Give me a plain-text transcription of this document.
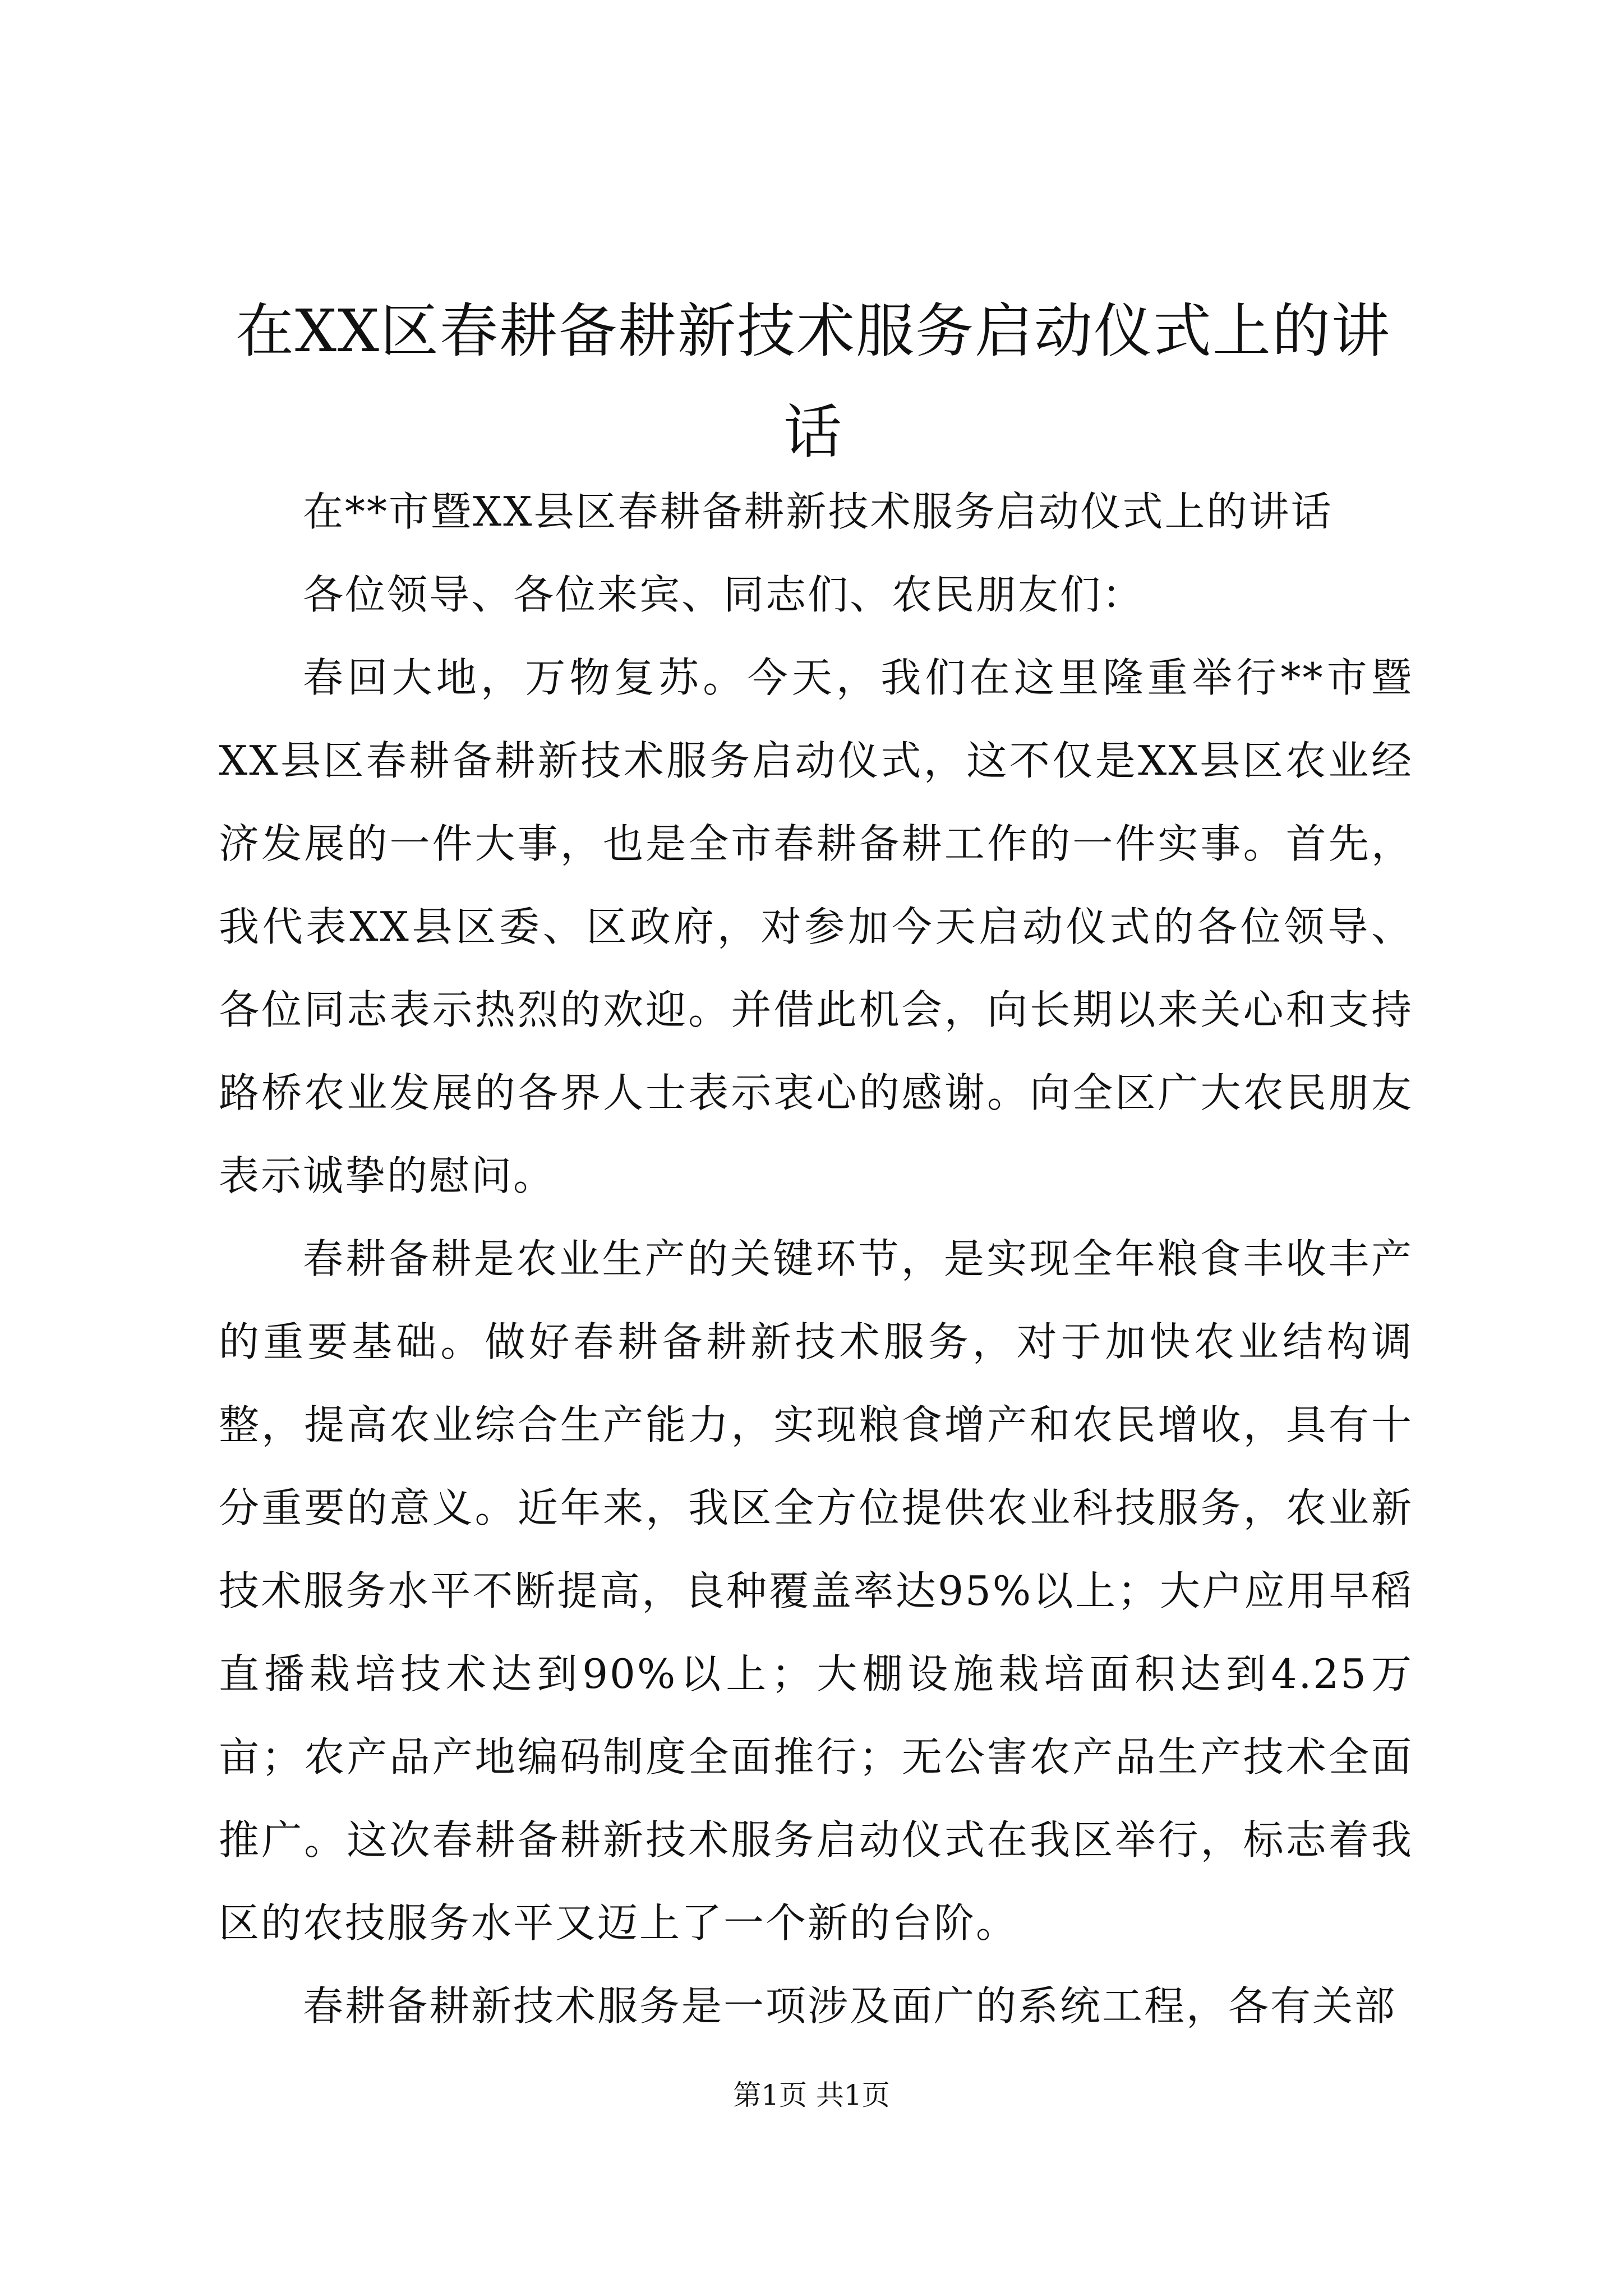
在XX区春耕备耕新技术服务启动仪式上的讲话

在**市暨XX县区春耕备耕新技术服务启动仪式上的讲话

各位领导、各位来宾、同志们、农民朋友们：

春回大地，万物复苏。今天，我们在这里隆重举行**市暨XX县区春耕备耕新技术服务启动仪式，这不仅是XX县区农业经济发展的一件大事，也是全市春耕备耕工作的一件实事。首先，我代表XX县区委、区政府，对参加今天启动仪式的各位领导、各位同志表示热烈的欢迎。并借此机会，向长期以来关心和支持路桥农业发展的各界人士表示衷心的感谢。向全区广大农民朋友表示诚挚的慰问。

春耕备耕是农业生产的关键环节，是实现全年粮食丰收丰产的重要基础。做好春耕备耕新技术服务，对于加快农业结构调整，提高农业综合生产能力，实现粮食增产和农民增收，具有十分重要的意义。近年来，我区全方位提供农业科技服务，农业新技术服务水平不断提高，良种覆盖率达95%以上；大户应用早稻直播栽培技术达到90%以上；大棚设施栽培面积达到4.25万亩；农产品产地编码制度全面推行；无公害农产品生产技术全面推广。这次春耕备耕新技术服务启动仪式在我区举行，标志着我区的农技服务水平又迈上了一个新的台阶。

春耕备耕新技术服务是一项涉及面广的系统工程，各有关部

第1页 共1页
